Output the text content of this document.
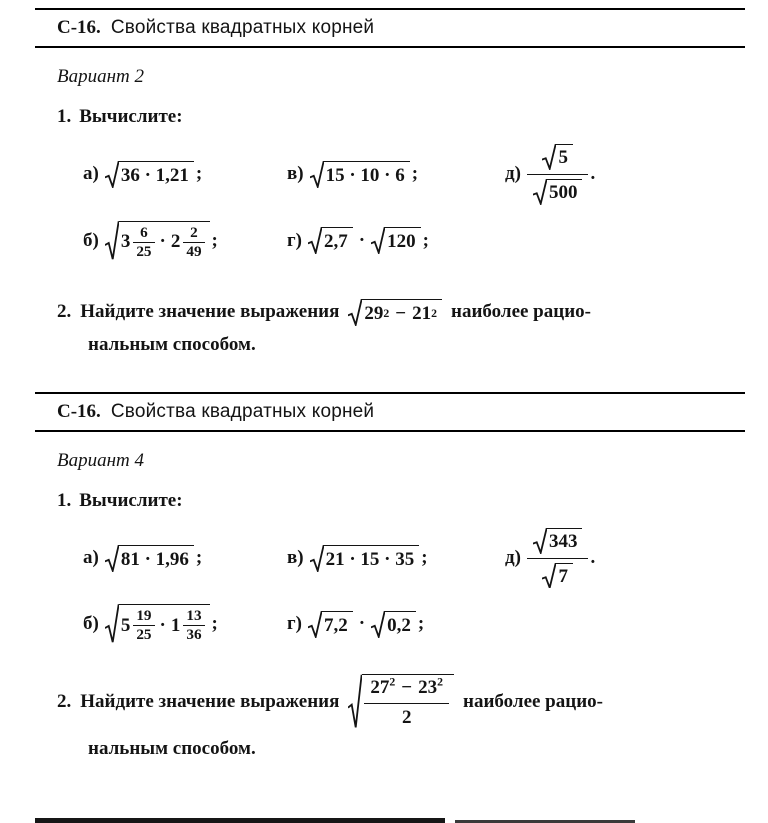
С-16. Свойства квадратных корней
Вариант 2
1. Вычислите:
а)	36 · 1,21 ;	в)	15 · 10 · 6 ;	$д) \frac{5}{500}$ .
б) $3 \frac{6}{25} \cdot 2 \frac{2}{49}$ ;	г)	2,7 ·	120 ;
2. Найдите значение выражения 29 2 − 21 2 наиболее рацио-
нальным способом.
С-16. Свойства квадратных корней
Вариант 4
1. Вычислите:
а)	81 · 1,96 ;	в)	21 · 15 · 35 ;	$д) \frac{343}{7}$ .
б) $5 \frac{19}{25} \cdot 1 \frac{13}{36}$ ;	г)	7,2 ·	0,2 ;
2. Найдите значение выражения $\frac{27^2 - 23^2}{2}$ наиболее рацио-
нальным способом.
